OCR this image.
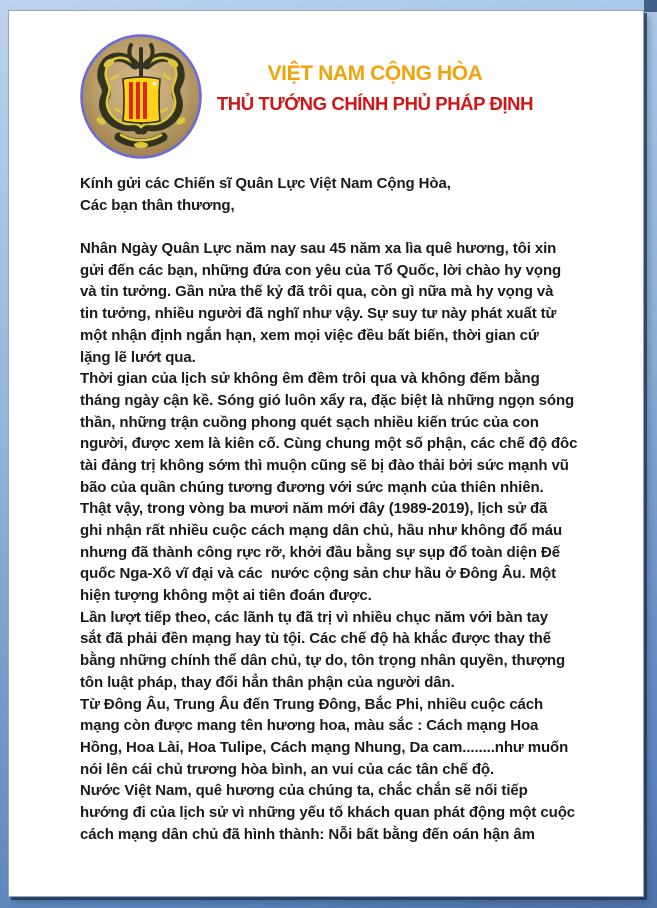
VIỆT NAM CỘNG HÒA
THỦ TƯỚNG CHÍNH PHỦ PHÁP ĐỊNH
Kính gửi các Chiến sĩ Quân Lực Việt Nam Cộng Hòa,
Các bạn thân thương,

Nhân Ngày Quân Lực năm nay sau 45 năm xa lìa quê hương, tôi xin
gửi đến các bạn, những đứa con yêu của Tổ Quốc, lời chào hy vọng
và tin tưởng. Gần nửa thế kỷ đã trôi qua, còn gì nữa mà hy vọng và
tin tưởng, nhiều người đã nghĩ như vậy. Sự suy tư này phát xuất từ
một nhận định ngắn hạn, xem mọi việc đều bất biến, thời gian cứ
lặng lẽ lướt qua.
Thời gian của lịch sử không êm đềm trôi qua và không đếm bằng
tháng ngày cận kề. Sóng gió luôn xẩy ra, đặc biệt là những ngọn sóng
thần, những trận cuồng phong quét sạch nhiều kiến trúc của con
người, được xem là kiên cố. Cùng chung một số phận, các chế độ đôc
tài đảng trị không sớm thì muộn cũng sẽ bị đào thải bởi sức mạnh vũ
bão của quần chúng tương đương với sức mạnh của thiên nhiên.
Thật vậy, trong vòng ba mươi năm mới đây (1989-2019), lịch sử đã
ghi nhận rất nhiều cuộc cách mạng dân chủ, hầu như không đổ máu
nhưng đã thành công rực rỡ, khởi đầu bằng sự sụp đổ toàn diện Đế
quốc Nga-Xô vĩ đại và các  nước cộng sản chư hầu ở Đông Âu. Một
hiện tượng không một ai tiên đoán được.
Lần lượt tiếp theo, các lãnh tụ đã trị vì nhiều chục năm với bàn tay
sắt đã phải đền mạng hay tù tội. Các chế độ hà khắc được thay thế
bằng những chính thể dân chủ, tự do, tôn trọng nhân quyền, thượng
tôn luật pháp, thay đổi hẳn thân phận của người dân.
Từ Đông Âu, Trung Âu đến Trung Đông, Bắc Phi, nhiều cuộc cách
mạng còn được mang tên hương hoa, màu sắc : Cách mạng Hoa
Hồng, Hoa Lài, Hoa Tulipe, Cách mạng Nhung, Da cam........như muốn
nói lên cái chủ trương hòa bình, an vui của các tân chế độ.
Nước Việt Nam, quê hương của chúng ta, chắc chắn sẽ nối tiếp
hướng đi của lịch sử vì những yếu tố khách quan phát động một cuộc
cách mạng dân chủ đã hình thành: Nỗi bất bằng đến oán hận âm
